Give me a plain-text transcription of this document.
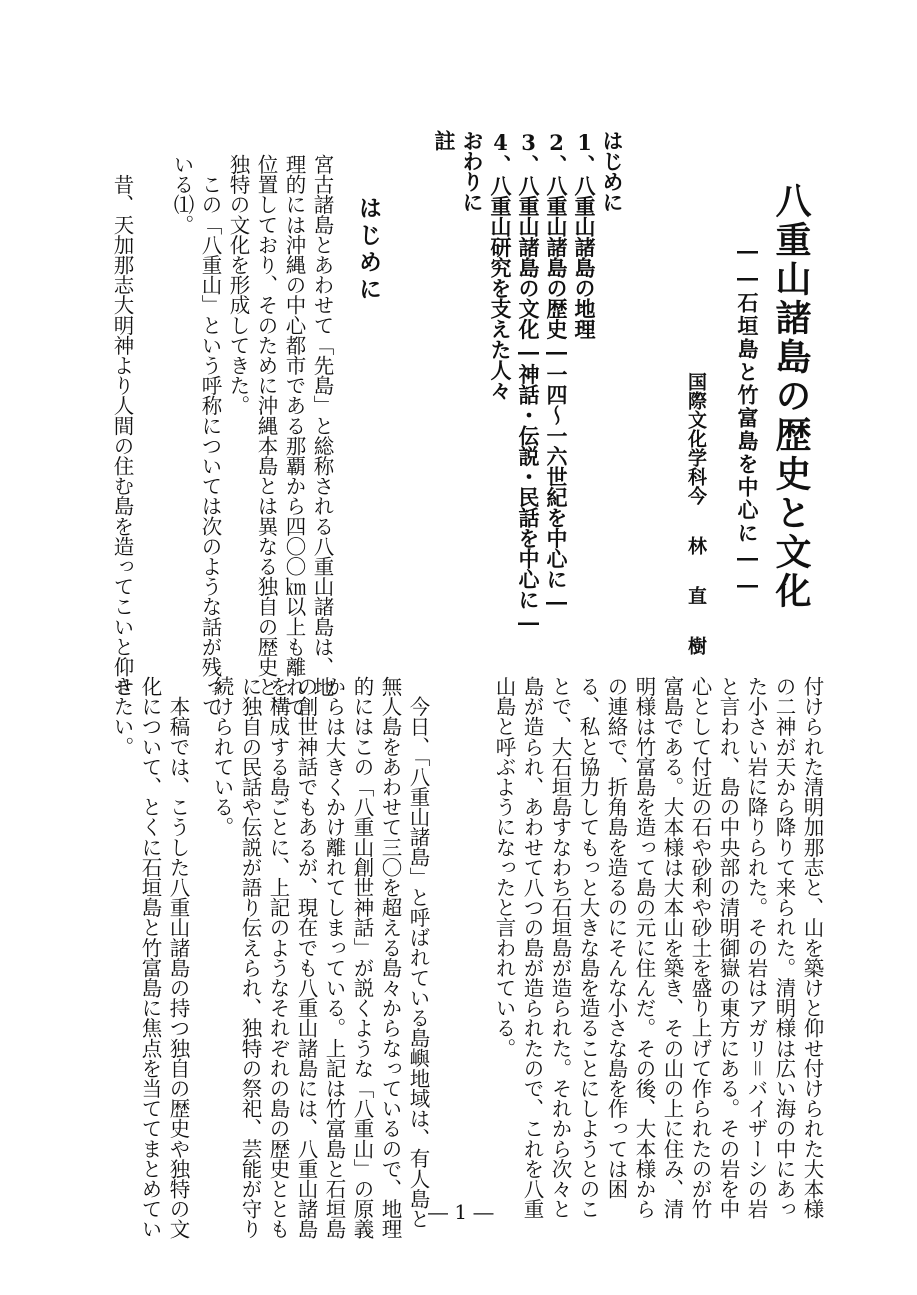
八重山諸島の歴史と文化
――石垣島と竹富島を中心に――
国際文化学科
今　林　直　樹
はじめに
1、八重山諸島の地理
2、八重山諸島の歴史―一四～一六世紀を中心に―
3、八重山諸島の文化―神話・伝説・民話を中心に―
4、八重山研究を支えた人々
おわりに
註
はじめに
宮古諸島とあわせて「先島」と総称される八重山諸島は、地
理的には沖縄の中心都市である那覇から四〇〇㎞以上も離れて
位置しており、そのために沖縄本島とは異なる独自の歴史と、
独特の文化を形成してきた。
　この「八重山」という呼称については次のような話が残って
いる⑴。
　昔、天加那志大明神より人間の住む島を造ってこいと仰せ
付けられた清明加那志と、山を築けと仰せ付けられた大本様
の二神が天から降りて来られた。清明様は広い海の中にあっ
た小さい岩に降りられた。その岩はアガリ＝バイザーシの岩
と言われ、島の中央部の清明御嶽の東方にある。その岩を中
心として付近の石や砂利や砂土を盛り上げて作られたのが竹
富島である。大本様は大本山を築き、その山の上に住み、清
明様は竹富島を造って島の元に住んだ。その後、大本様から
の連絡で、折角島を造るのにそんな小さな島を作っては困
る、私と協力してもっと大きな島を造ることにしようとのこ
とで、大石垣島すなわち石垣島が造られた。それから次々と
島が造られ、あわせて八つの島が造られたので、これを八重
山島と呼ぶようになったと言われている。
　今日、「八重山諸島」と呼ばれている島嶼地域は、有人島と
無人島をあわせて三〇を超える島々からなっているので、地理
的にはこの「八重山創世神話」が説くような「八重山」の原義
からは大きくかけ離れてしまっている。上記は竹富島と石垣島
の創世神話でもあるが、現在でも八重山諸島には、八重山諸島
を構成する島ごとに、上記のようなそれぞれの島の歴史ととも
に独自の民話や伝説が語り伝えられ、独特の祭祀、芸能が守り
続けられている。
　本稿では、こうした八重山諸島の持つ独自の歴史や独特の文
化について、とくに石垣島と竹富島に焦点を当ててまとめてい
きたい。
― 1 ―
